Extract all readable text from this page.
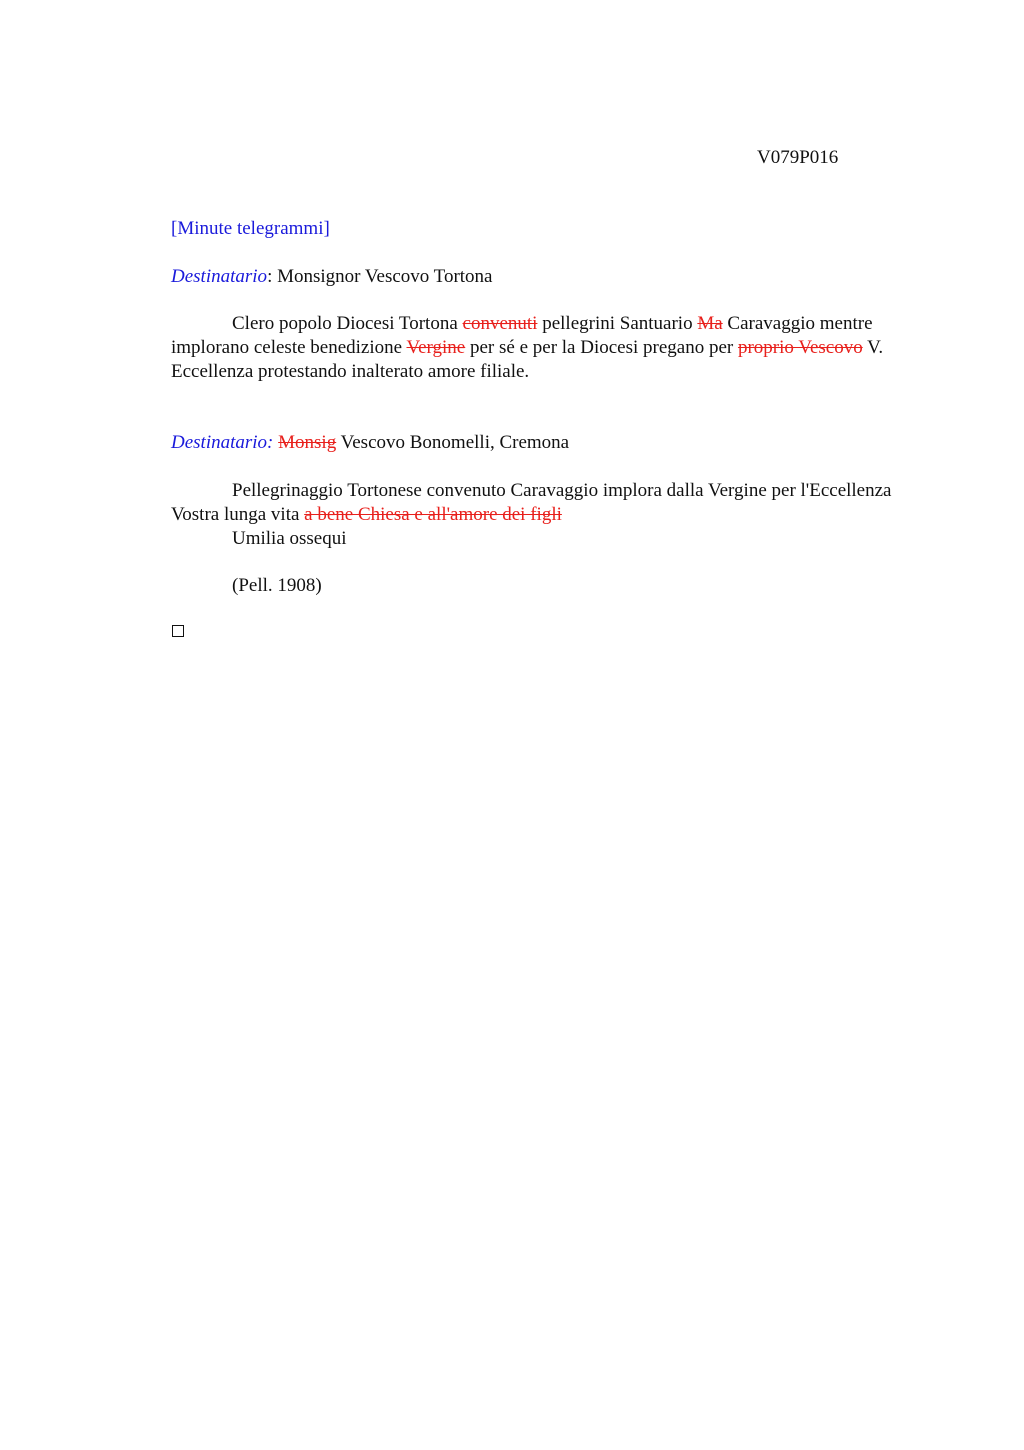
V079P016
[Minute telegrammi]
Destinatario: Monsignor Vescovo Tortona
Clero popolo Diocesi Tortona convenuti pellegrini Santuario Ma Caravaggio mentre implorano celeste benedizione Vergine per sé e per la Diocesi pregano per proprio Vescovo V. Eccellenza protestando inalterato amore filiale.
Destinatario: Monsig Vescovo Bonomelli, Cremona
Pellegrinaggio Tortonese convenuto Caravaggio implora dalla Vergine per l'Eccellenza Vostra lunga vita a bene Chiesa e all'amore dei figli
Umilia ossequi
(Pell. 1908)
